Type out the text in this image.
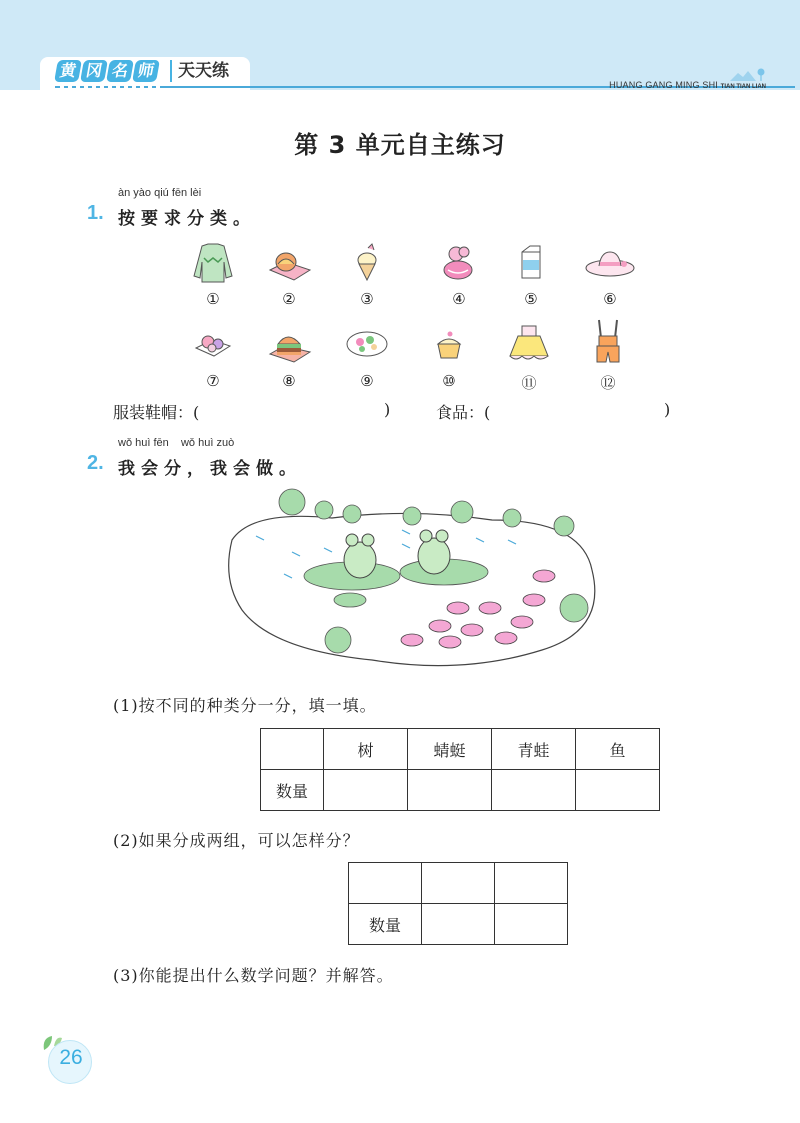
黄 冈 名 师	天天练
HUANG GANG MING SHI TIAN TIAN LIAN
第 3 单元自主练习
àn yào qiú fēn lèi
1. 按要求分类。
①	②	③	④	⑤	⑥
⑦	⑧	⑨	⑩	⑪	⑫
服装鞋帽：(	)	食品：(	)
wǒ huì fēn    wǒ huì zuò
2. 我会分，我会做。
(1)按不同的种类分一分，填一填。
	树	蜻蜓	青蛙	鱼
数量				
(2)如果分成两组，可以怎样分？

数量		
(3)你能提出什么数学问题？并解答。
26
